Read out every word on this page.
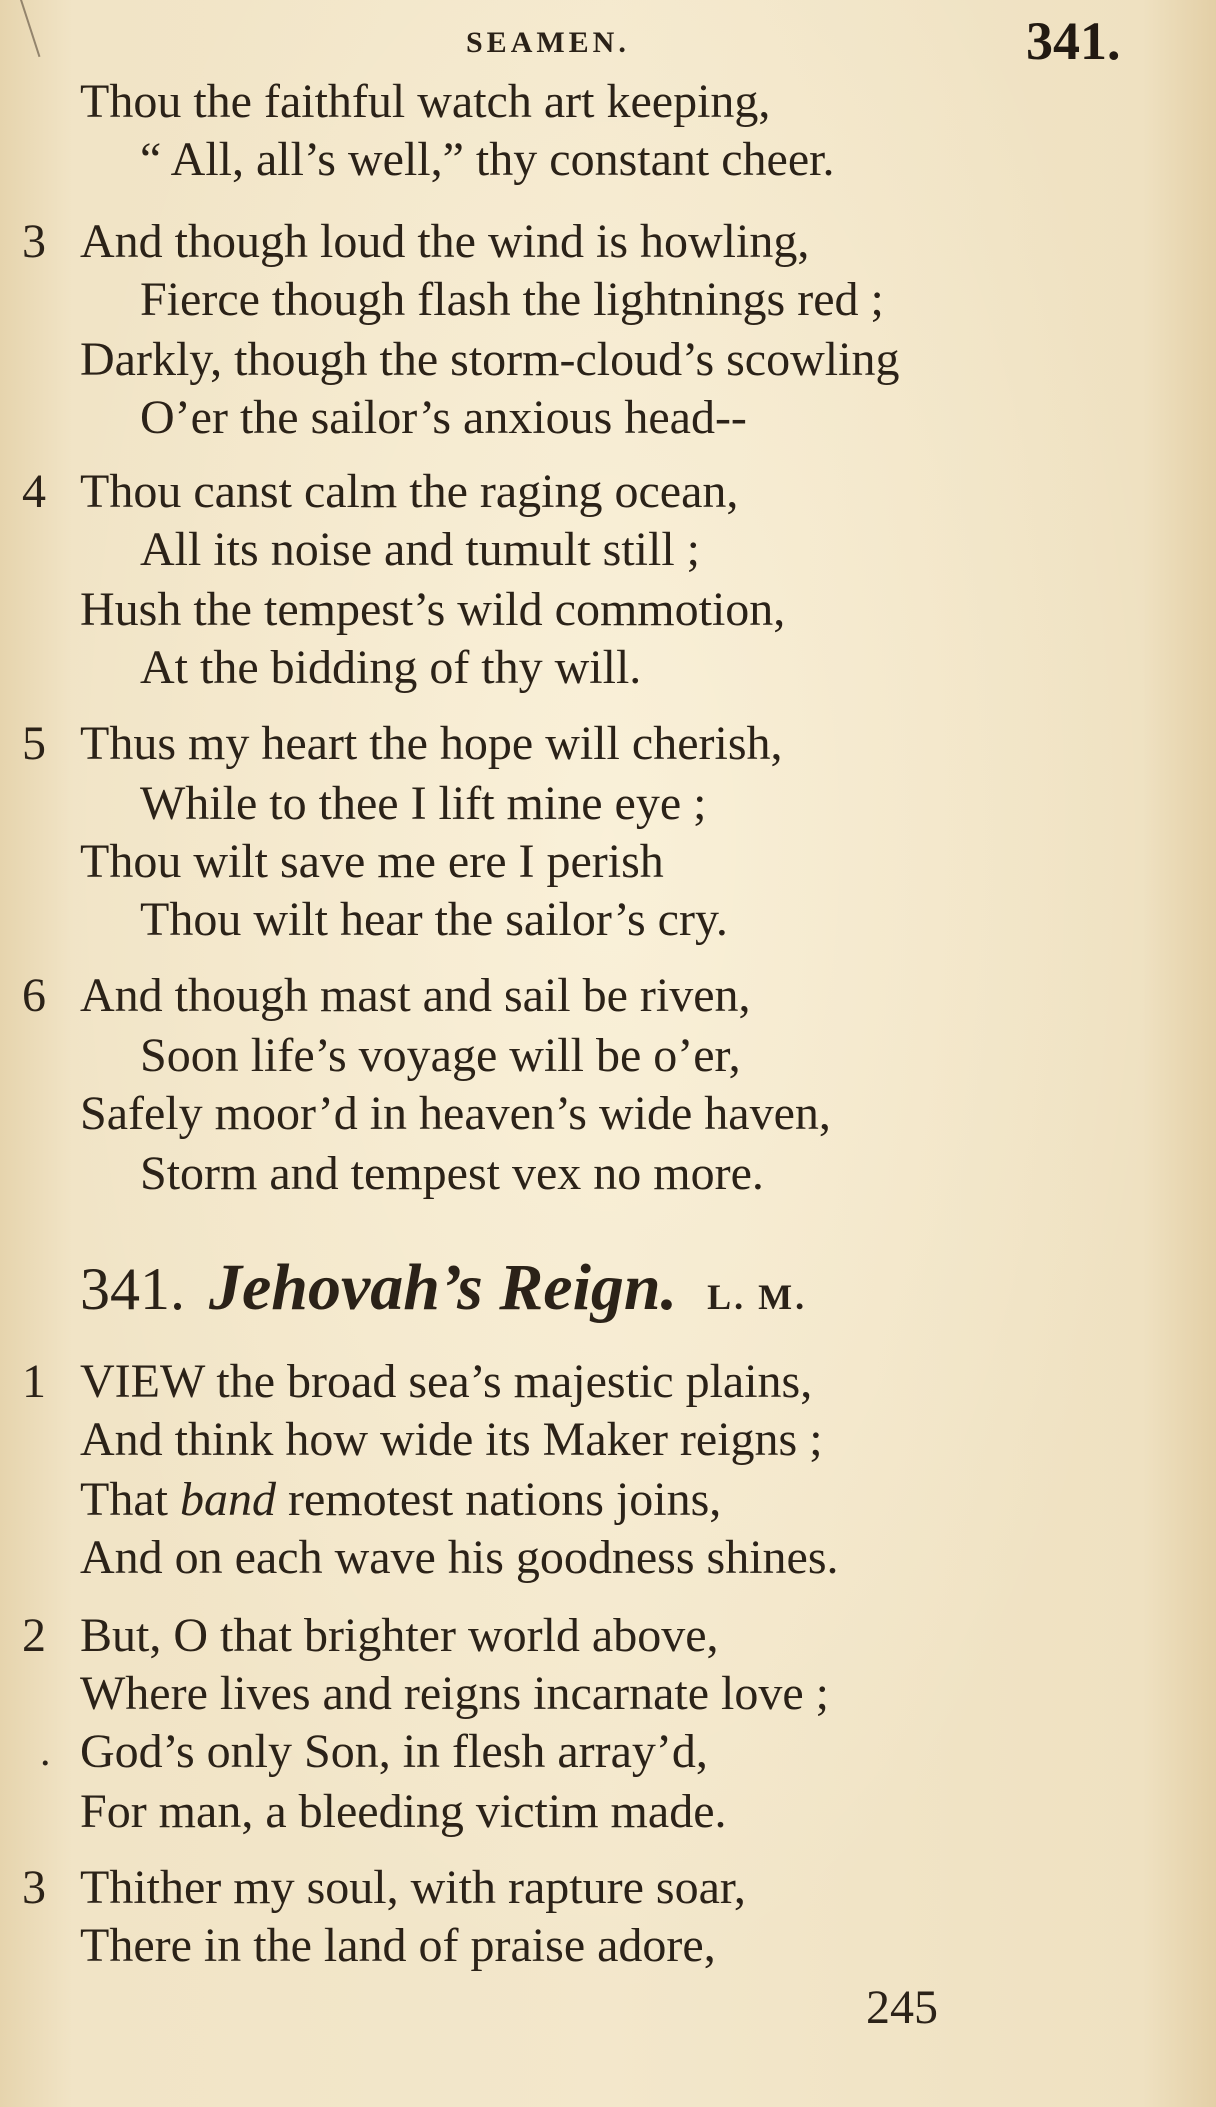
SEAMEN.	341.
Thou the faithful watch art keeping,
“ All, all’s well,” thy constant cheer.
3 And though loud the wind is howling,
Fierce though flash the lightnings red ;
Darkly, though the storm-cloud’s scowling
O’er the sailor’s anxious head--
4 Thou canst calm the raging ocean,
All its noise and tumult still ;
Hush the tempest’s wild commotion,
At the bidding of thy will.
5 Thus my heart the hope will cherish,
While to thee I lift mine eye ;
Thou wilt save me ere I perish
Thou wilt hear the sailor’s cry.
6 And though mast and sail be riven,
Soon life’s voyage will be o’er,
Safely moor’d in heaven’s wide haven,
Storm and tempest vex no more.
341. Jehovah’s Reign. L. M.
1 VIEW the broad sea’s majestic plains,
And think how wide its Maker reigns ;
That band remotest nations joins,
And on each wave his goodness shines.
2 But, O that brighter world above,
Where lives and reigns incarnate love ;
. God’s only Son, in flesh array’d,
For man, a bleeding victim made.
3 Thither my soul, with rapture soar,
There in the land of praise adore,
245
